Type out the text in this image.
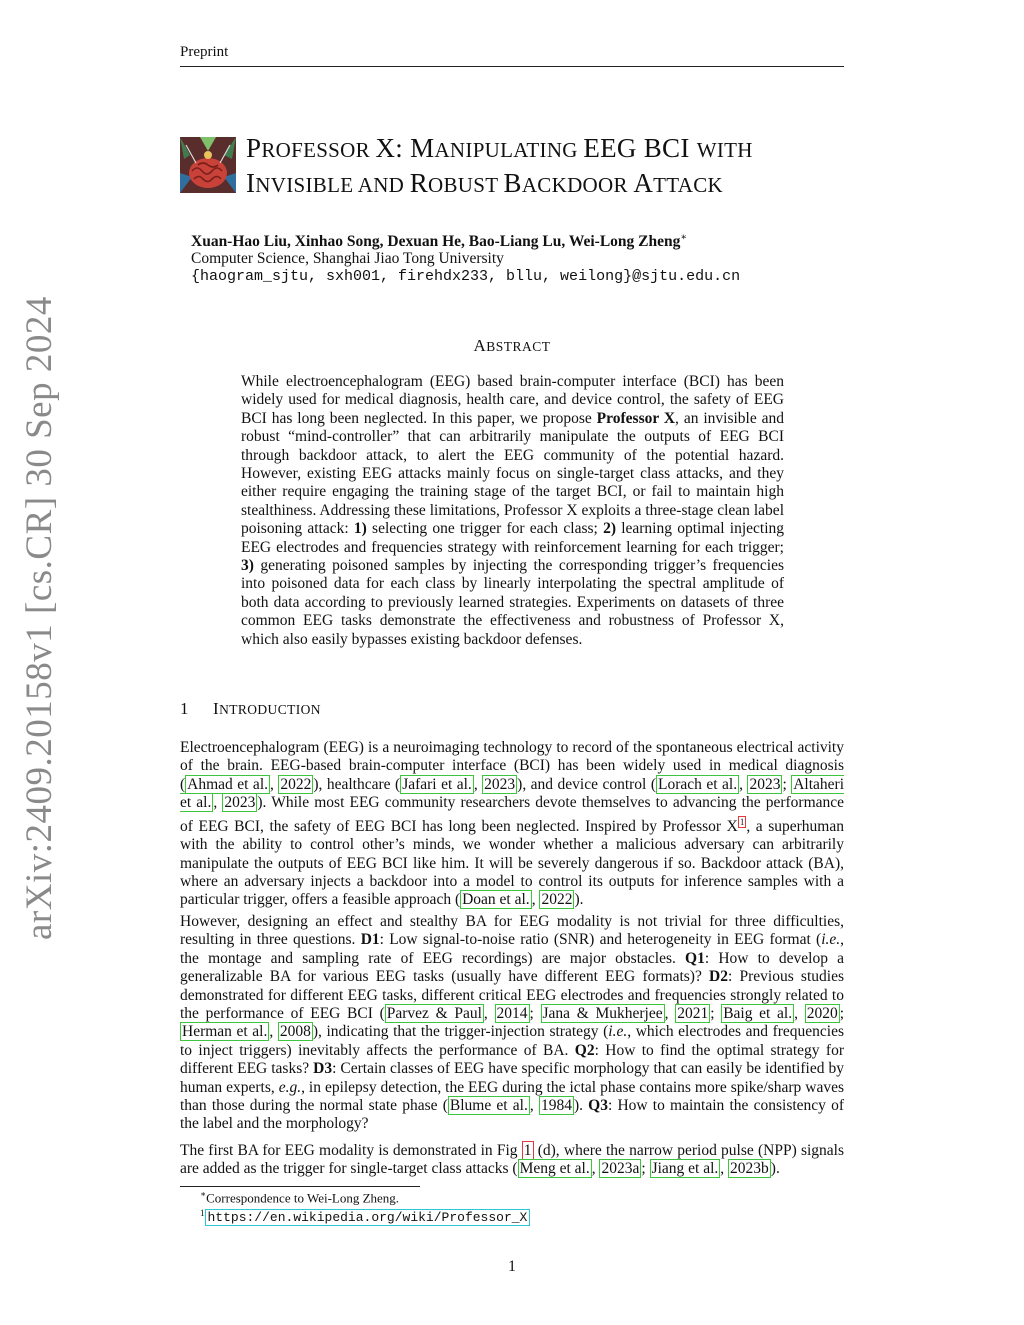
Preprint
PROFESSOR X: MANIPULATING EEG BCI WITH
INVISIBLE AND ROBUST BACKDOOR ATTACK
Xuan-Hao Liu, Xinhao Song, Dexuan He, Bao-Liang Lu, Wei-Long Zheng∗
Computer Science, Shanghai Jiao Tong University
{haogram_sjtu, sxh001, firehdx233, bllu, weilong}@sjtu.edu.cn
ABSTRACT
While electroencephalogram (EEG) based brain-computer interface (BCI) has been widely used for medical diagnosis, health care, and device control, the safety of EEG BCI has long been neglected. In this paper, we propose Professor X, an invisible and robust “mind-controller” that can arbitrarily manipulate the outputs of EEG BCI through backdoor attack, to alert the EEG community of the potential hazard. However, existing EEG attacks mainly focus on single-target class attacks, and they either require engaging the training stage of the target BCI, or fail to maintain high stealthiness. Addressing these limitations, Professor X exploits a three-stage clean label poisoning attack: 1) selecting one trigger for each class; 2) learning optimal injecting EEG electrodes and frequencies strategy with reinforcement learning for each trigger; 3) generating poisoned samples by injecting the corresponding trigger’s frequencies into poisoned data for each class by linearly interpolating the spectral amplitude of both data according to previously learned strategies. Experiments on datasets of three common EEG tasks demonstrate the effectiveness and robustness of Professor X, which also easily bypasses existing backdoor defenses.
1 INTRODUCTION
Electroencephalogram (EEG) is a neuroimaging technology to record of the spontaneous electrical activity of the brain. EEG-based brain-computer interface (BCI) has been widely used in medical diagnosis ( Ahmad et al. , 2022 ), healthcare ( Jafari et al. , 2023 ), and device control ( Lorach et al. , 2023 ; Altaheri et al. , 2023 ). While most EEG community researchers devote themselves to advancing the performance of EEG BCI, the safety of EEG BCI has long been neglected. Inspired by Professor X $^1$ , a superhuman with the ability to control other’s minds, we wonder whether a malicious adversary can arbitrarily manipulate the outputs of EEG BCI like him. It will be severely dangerous if so. Backdoor attack (BA), where an adversary injects a backdoor into a model to control its outputs for inference samples with a particular trigger, offers a feasible approach ( Doan et al. , 2022 ).
However, designing an effect and stealthy BA for EEG modality is not trivial for three difficulties, resulting in three questions. D1: Low signal-to-noise ratio (SNR) and heterogeneity in EEG format (i.e., the montage and sampling rate of EEG recordings) are major obstacles. Q1: How to develop a generalizable BA for various EEG tasks (usually have different EEG formats)? D2: Previous studies demonstrated for different EEG tasks, different critical EEG electrodes and frequencies strongly related to the performance of EEG BCI ( Parvez & Paul , 2014 ; Jana & Mukherjee , 2021 ; Baig et al. , 2020 ; Herman et al. , 2008 ), indicating that the trigger-injection strategy (i.e., which electrodes and frequencies to inject triggers) inevitably affects the performance of BA. Q2: How to find the optimal strategy for different EEG tasks? D3: Certain classes of EEG have specific morphology that can easily be identified by human experts, e.g., in epilepsy detection, the EEG during the ictal phase contains more spike/sharp waves than those during the normal state phase ( Blume et al. , 1984 ). Q3: How to maintain the consistency of the label and the morphology?
The first BA for EEG modality is demonstrated in Fig 1 (d), where the narrow period pulse (NPP) signals are added as the trigger for single-target class attacks ( Meng et al. , 2023a ; Jiang et al. , 2023b ).
∗Correspondence to Wei-Long Zheng.
$^1$ https://en.wikipedia.org/wiki/Professor_X
1
arXiv:2409.20158v1 [cs.CR] 30 Sep 2024
